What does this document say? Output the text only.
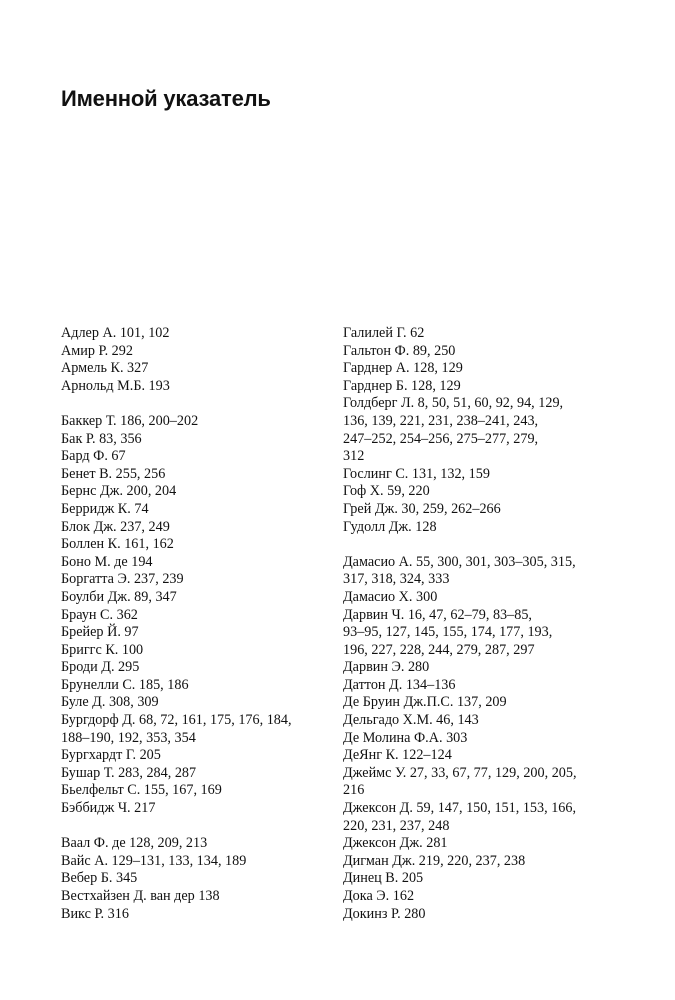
Именной указатель
Адлер А. 101, 102
Амир Р. 292
Армель К. 327
Арнольд М.Б. 193
Баккер Т. 186, 200–202
Бак Р. 83, 356
Бард Ф. 67
Бенет В. 255, 256
Бернс Дж. 200, 204
Берридж К. 74
Блок Дж. 237, 249
Боллен К. 161, 162
Боно М. де 194
Боргатта Э. 237, 239
Боулби Дж. 89, 347
Браун С. 362
Брейер Й. 97
Бриггс К. 100
Броди Д. 295
Брунелли С. 185, 186
Буле Д. 308, 309
Бургдорф Д. 68, 72, 161, 175, 176, 184,
188–190, 192, 353, 354
Бургхардт Г. 205
Бушар Т. 283, 284, 287
Бьелфельт С. 155, 167, 169
Бэббидж Ч. 217
Ваал Ф. де 128, 209, 213
Вайс А. 129–131, 133, 134, 189
Вебер Б. 345
Вестхайзен Д. ван дер 138
Викс Р. 316
Галилей Г. 62
Гальтон Ф. 89, 250
Гарднер А. 128, 129
Гарднер Б. 128, 129
Голдберг Л. 8, 50, 51, 60, 92, 94, 129,
136, 139, 221, 231, 238–241, 243,
247–252, 254–256, 275–277, 279,
312
Гослинг С. 131, 132, 159
Гоф Х. 59, 220
Грей Дж. 30, 259, 262–266
Гудолл Дж. 128
Дамасио А. 55, 300, 301, 303–305, 315,
317, 318, 324, 333
Дамасио Х. 300
Дарвин Ч. 16, 47, 62–79, 83–85,
93–95, 127, 145, 155, 174, 177, 193,
196, 227, 228, 244, 279, 287, 297
Дарвин Э. 280
Даттон Д. 134–136
Де Бруин Дж.П.С. 137, 209
Дельгадо Х.М. 46, 143
Де Молина Ф.А. 303
ДеЯнг К. 122–124
Джеймс У. 27, 33, 67, 77, 129, 200, 205,
216
Джексон Д. 59, 147, 150, 151, 153, 166,
220, 231, 237, 248
Джексон Дж. 281
Дигман Дж. 219, 220, 237, 238
Динец В. 205
Дока Э. 162
Докинз Р. 280
